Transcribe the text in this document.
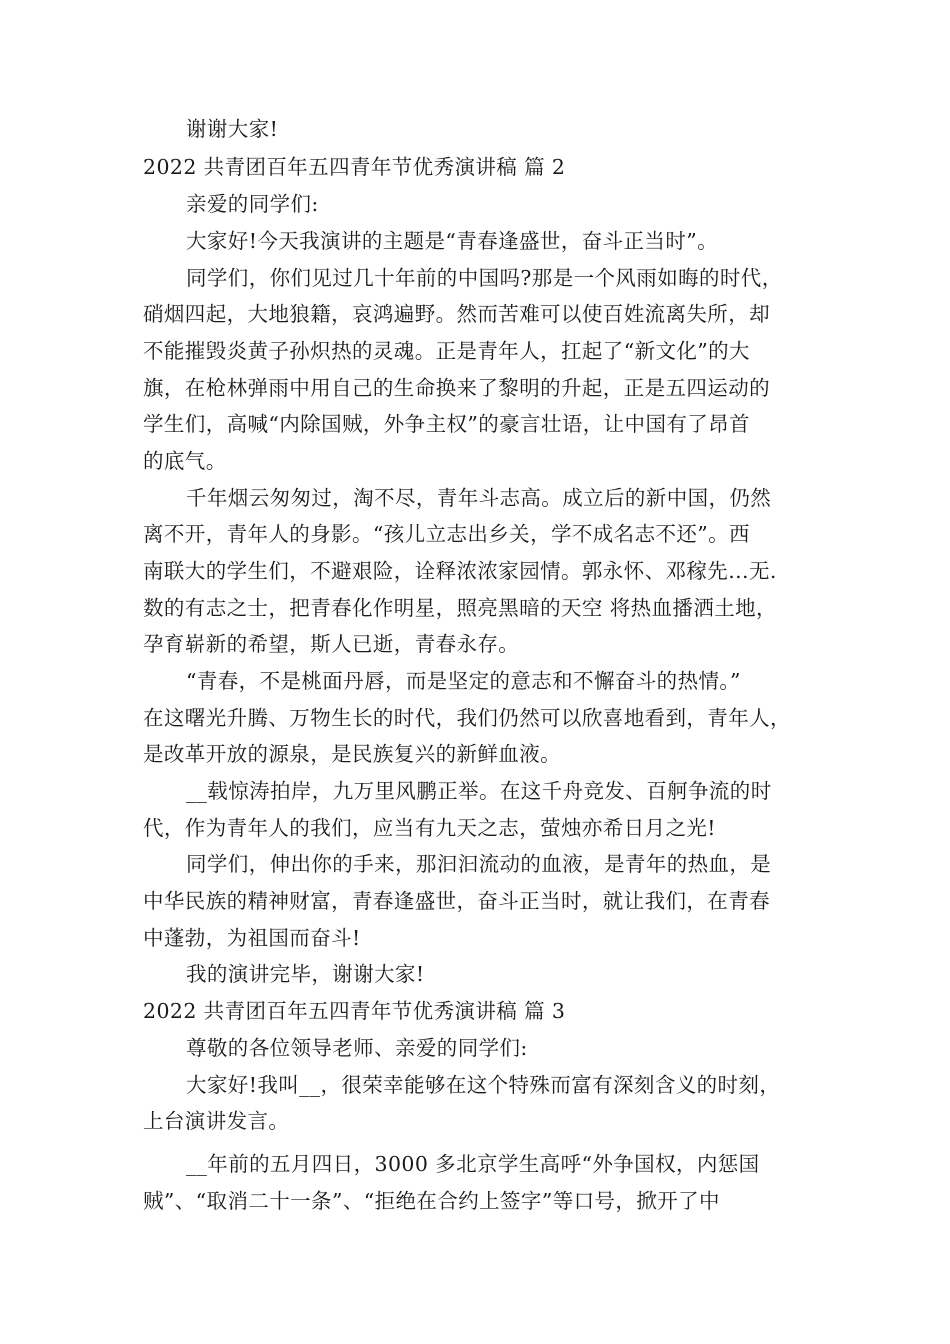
谢谢大家!
2022 共青团百年五四青年节优秀演讲稿 篇 2
亲爱的同学们:
大家好!今天我演讲的主题是“青春逢盛世，奋斗正当时”。
同学们，你们见过几十年前的中国吗?那是一个风雨如晦的时代，
硝烟四起，大地狼籍，哀鸿遍野。然而苦难可以使百姓流离失所，却
不能摧毁炎黄子孙炽热的灵魂。正是青年人，扛起了“新文化”的大
旗，在枪林弹雨中用自己的生命换来了黎明的升起，正是五四运动的
学生们，高喊“内除国贼，外争主权”的豪言壮语，让中国有了昂首
的底气。
千年烟云匆匆过，淘不尽，青年斗志高。成立后的新中国，仍然
离不开，青年人的身影。“孩儿立志出乡关，学不成名志不还”。西
南联大的学生们，不避艰险，诠释浓浓家园情。郭永怀、邓稼先...无.
数的有志之士，把青春化作明星，照亮黑暗的天空 将热血播洒土地，
孕育崭新的希望，斯人已逝，青春永存。
“青春，不是桃面丹唇，而是坚定的意志和不懈奋斗的热情。”
在这曙光升腾、万物生长的时代，我们仍然可以欣喜地看到，青年人，
是改革开放的源泉，是民族复兴的新鲜血液。
__载惊涛拍岸，九万里风鹏正举。在这千舟竞发、百舸争流的时
代，作为青年人的我们，应当有九天之志，萤烛亦希日月之光!
同学们，伸出你的手来，那汩汩流动的血液，是青年的热血，是
中华民族的精神财富，青春逢盛世，奋斗正当时，就让我们，在青春
中蓬勃，为祖国而奋斗!
我的演讲完毕，谢谢大家!
2022 共青团百年五四青年节优秀演讲稿 篇 3
尊敬的各位领导老师、亲爱的同学们:
大家好!我叫__，很荣幸能够在这个特殊而富有深刻含义的时刻，
上台演讲发言。
__年前的五月四日，3000 多北京学生高呼“外争国权，内惩国
贼”、“取消二十一条”、“拒绝在合约上签字”等口号，掀开了中
